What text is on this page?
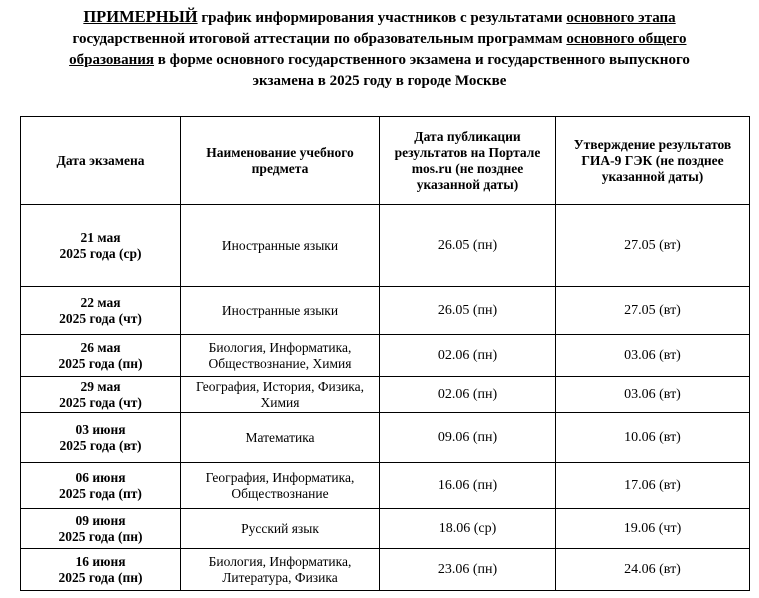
ПРИМЕРНЫЙ график информирования участников с результатами основного этапа
государственной итоговой аттестации по образовательным программам основного общего
образования в форме основного государственного экзамена и государственного выпускного
экзамена в 2025 году в городе Москве
Дата экзамена	Наименование учебного предмета	Дата публикации результатов на Портале mos.ru (не позднее указанной даты)	Утверждение результатов ГИА-9 ГЭК (не позднее указанной даты)

21 мая
2025 года (ср)	Иностранные языки	26.05 (пн)	27.05 (вт)

22 мая
2025 года (чт)	Иностранные языки	26.05 (пн)	27.05 (вт)

26 мая
2025 года (пн)	Биология, Информатика, Обществознание, Химия	02.06 (пн)	03.06 (вт)

29 мая
2025 года (чт)	География, История, Физика, Химия	02.06 (пн)	03.06 (вт)

03 июня
2025 года (вт)	Математика	09.06 (пн)	10.06 (вт)

06 июня
2025 года (пт)	География, Информатика, Обществознание	16.06 (пн)	17.06 (вт)

09 июня
2025 года (пн)	Русский язык	18.06 (ср)	19.06 (чт)

16 июня
2025 года (пн)	Биология, Информатика, Литература, Физика	23.06 (пн)	24.06 (вт)
